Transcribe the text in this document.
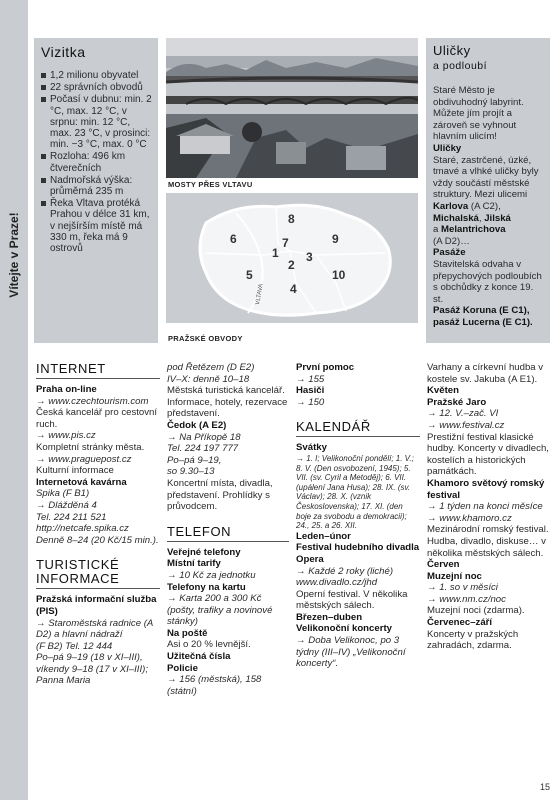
Vítejte v Praze!
Vizitka
1,2 milionu obyvatel
22 správních obvodů
Počasí v dubnu: min. 2 °C, max. 12 °C, v srpnu: min. 12 °C, max. 23 °C, v prosinci: min. −3 °C, max. 0 °C
Rozloha: 496 km čtverečních
Nadmořská výška: průměrná 235 m
Řeka Vltava protéká Prahou v délce 31 km, v nejšírším místě má 330 m, řeka má 9 ostrovů
MOSTY PŘES VLTAVU
6
5
1
7
8
2
3
4
9
10
VLTAVA
PRAŽSKÉ OBVODY
Uličky
a podloubí

Staré Město je obdivuhodný labyrint. Můžete jím projít a zároveň se vyhnout hlavním ulicím!

Uličky

Staré, zastrčené, úzké, tmavé a vlhké uličky byly vždy součástí městské struktury. Mezi ulicemi

Karlova (A C2),

Michalská, Jilská

a Melantrichova

(A D2)…

Pasáže

Stavitelská odvaha v přepychových podloubích s obchůdky z konce 19. st.

Pasáž Koruna (E C1),

pasáž Lucerna (E C1).

INTERNET
Praha on-line
→ www.czechtourism.com
Česká kancelář pro cestovní ruch.
→ www.pis.cz
Kompletní stránky města.
→ www.praguepost.cz
Kulturní informace
Internetová kavárna
Spika (F B1)
→ Dlážděná 4
Tel. 224 211 521
http://netcafe.spika.cz
Denně 8–24 (20 Kč/15 min.).
TURISTICKÉ
INFORMACE
Pražská informační služba (PIS)
→ Staroměstská radnice (A D2) a hlavní nádraží
(F B2) Tel. 12 444
Po–pá 9–19 (18 v XI–III), víkendy 9–18 (17 v XI–III); Panna Maria
pod Řetězem (D E2)
IV–X: denně 10–18
Městská turistická kancelář. Informace, hotely, rezervace představení.
Čedok (A E2)
→ Na Příkopě 18
Tel. 224 197 777
Po–pá 9–19,
so 9.30–13
Koncertní místa, divadla, představení. Prohlídky s průvodcem.
TELEFON
Veřejné telefony
Místní tarify
→ 10 Kč za jednotku
Telefony na kartu
→ Karta 200 a 300 Kč (pošty, trafiky a novinové stánky)
Na poště
Asi o 20 % levnější.
Užitečná čísla
Policie
→ 156 (městská), 158 (státní)
První pomoc
→ 155
Hasiči
→ 150
KALENDÁŘ
Svátky
→ 1. I; Velikonoční pondělí; 1. V.; 8. V. (Den osvobození, 1945); 5. VII. (sv. Cyril a Metoděj); 6. VII. (upálení Jana Husa); 28. IX. (sv. Václav); 28. X. (vznik Československa); 17. XI. (den boje za svobodu a demokracii); 24., 25. a 26. XII.
Leden–únor
Festival hudebního divadla Opera
→ Každé 2 roky (liché)
www.divadlo.cz/jhd
Operní festival. V několika městských sálech.
Březen–duben
Velikonoční koncerty
→ Doba Velikonoc, po 3 týdny (III–IV) „Velikonoční koncerty“.
Varhany a církevní hudba v kostele sv. Jakuba (A E1).
Květen
Pražské Jaro
→ 12. V.–zač. VI
→ www.festival.cz
Prestižní festival klasické hudby. Koncerty v divadlech, kostelích a historických památkách.
Khamoro světový romský festival
→ 1 týden na konci měsíce
→ www.khamoro.cz
Mezinárodní romský festival. Hudba, divadlo, diskuse… v několika městských sálech.
Červen
Muzejní noc
→ 1. so v měsíci
→ www.nm.cz/noc
Muzejní noci (zdarma).
Červenec–září
Koncerty v pražských zahradách, zdarma.
15
